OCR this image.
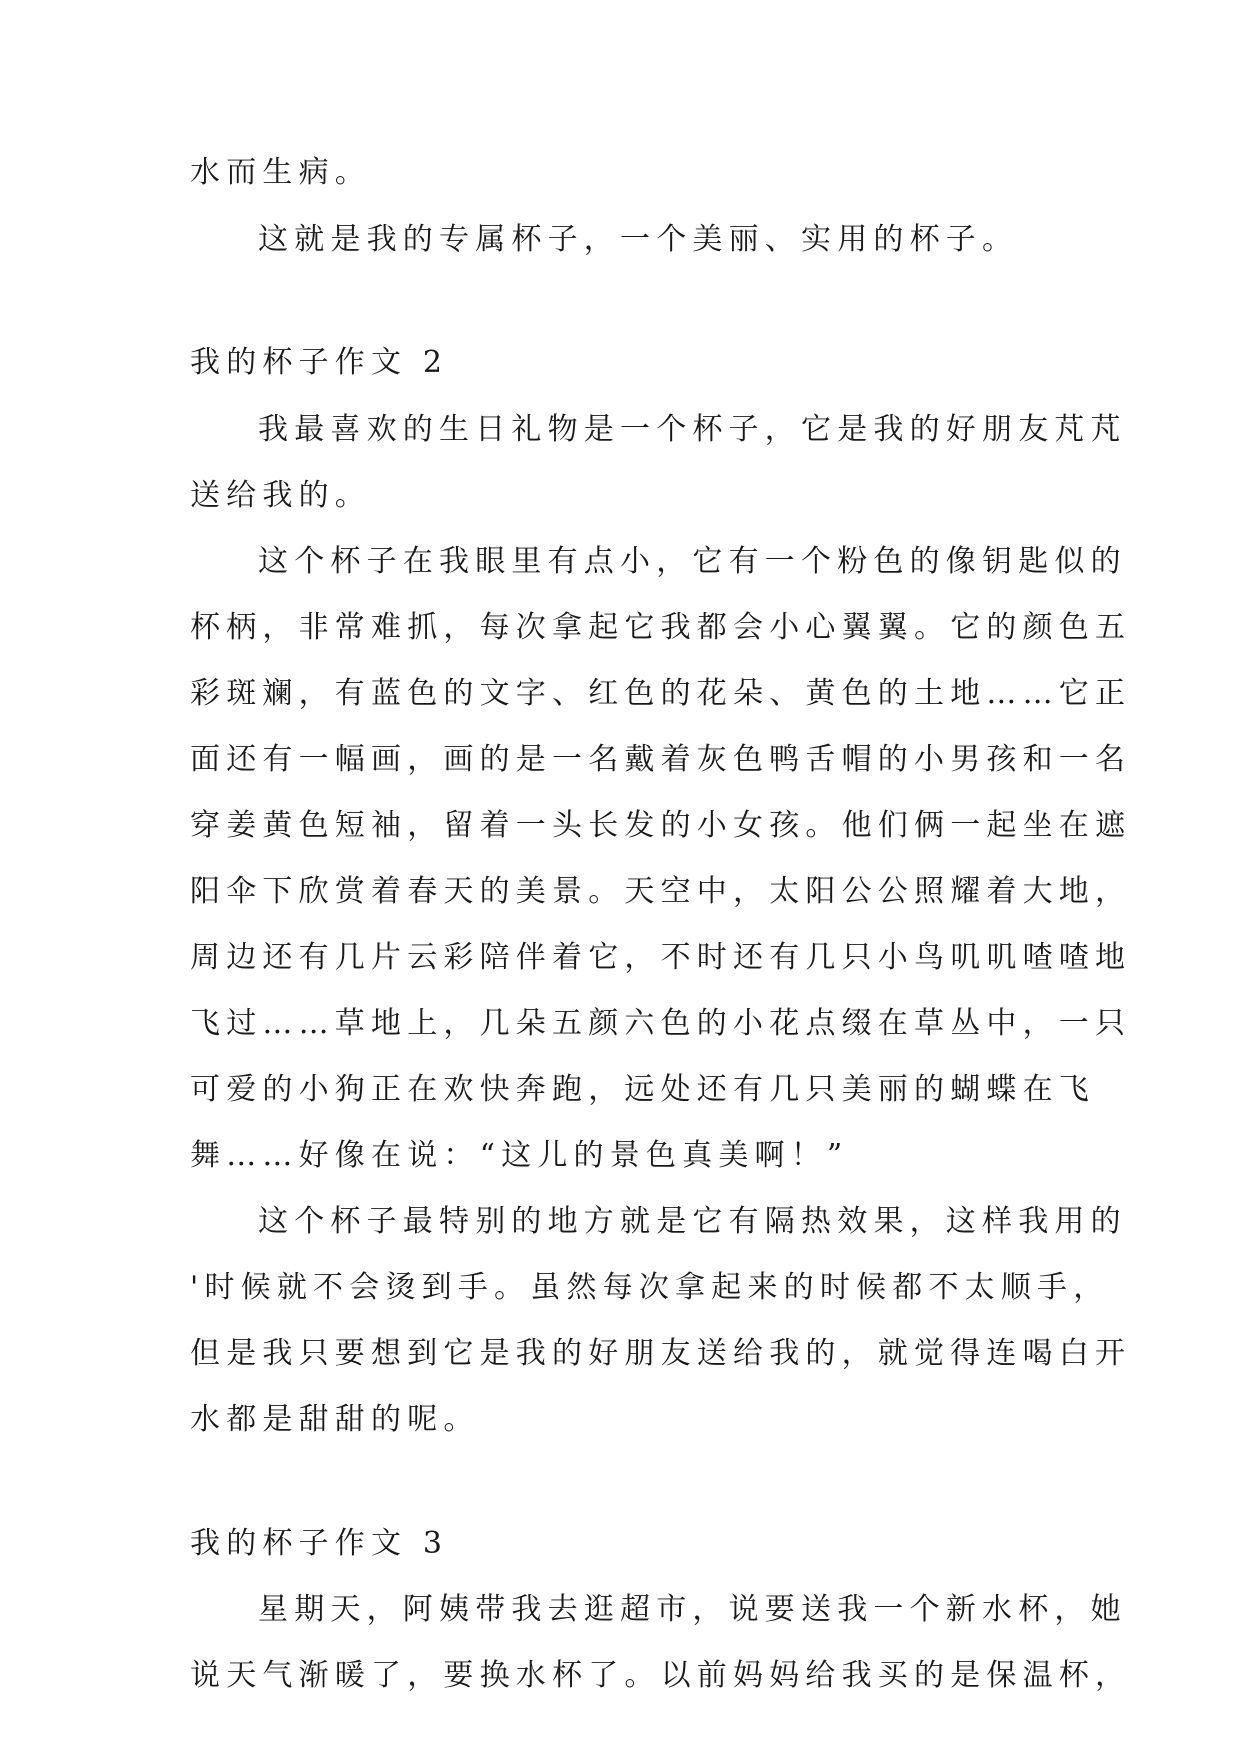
水而生病。
这就是我的专属杯子，一个美丽、实用的杯子。
我的杯子作文 2
我最喜欢的生日礼物是一个杯子，它是我的好朋友芃芃
送给我的。
这个杯子在我眼里有点小，它有一个粉色的像钥匙似的
杯柄，非常难抓，每次拿起它我都会小心翼翼。它的颜色五
彩斑斓，有蓝色的文字、红色的花朵、黄色的土地……它正
面还有一幅画，画的是一名戴着灰色鸭舌帽的小男孩和一名
穿姜黄色短袖，留着一头长发的小女孩。他们俩一起坐在遮
阳伞下欣赏着春天的美景。天空中，太阳公公照耀着大地，
周边还有几片云彩陪伴着它，不时还有几只小鸟叽叽喳喳地
飞过……草地上，几朵五颜六色的小花点缀在草丛中，一只
可爱的小狗正在欢快奔跑，远处还有几只美丽的蝴蝶在飞
舞……好像在说：“这儿的景色真美啊！”
这个杯子最特别的地方就是它有隔热效果，这样我用的
'时候就不会烫到手。虽然每次拿起来的时候都不太顺手，
但是我只要想到它是我的好朋友送给我的，就觉得连喝白开
水都是甜甜的呢。
我的杯子作文 3
星期天，阿姨带我去逛超市，说要送我一个新水杯，她
说天气渐暖了，要换水杯了。以前妈妈给我买的是保温杯，
